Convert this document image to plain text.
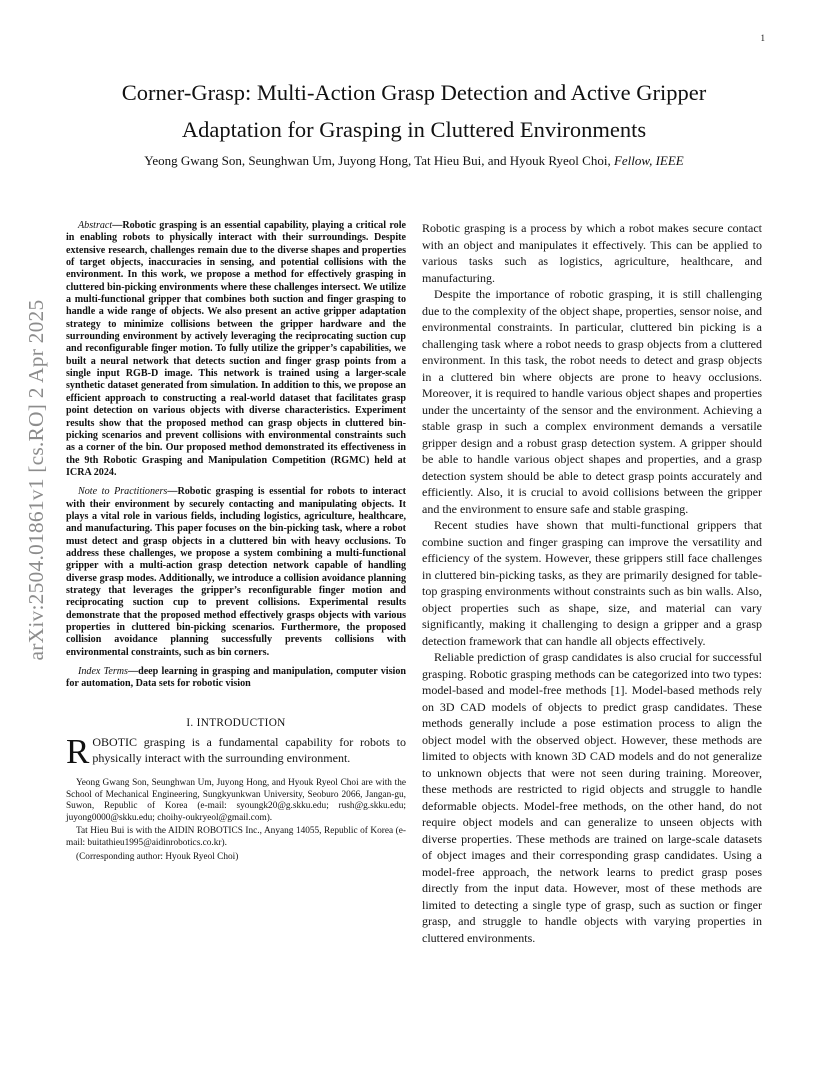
1
arXiv:2504.01861v1 [cs.RO] 2 Apr 2025
Corner-Grasp: Multi-Action Grasp Detection and Active Gripper
Adaptation for Grasping in Cluttered Environments
Yeong Gwang Son, Seunghwan Um, Juyong Hong, Tat Hieu Bui, and Hyouk Ryeol Choi, Fellow, IEEE

Abstract—Robotic grasping is an essential capability, playing a critical role in enabling robots to physically interact with their surroundings. Despite extensive research, challenges remain due to the diverse shapes and properties of target objects, inaccuracies in sensing, and potential collisions with the environment. In this work, we propose a method for effectively grasping in cluttered bin-picking environments where these challenges intersect. We utilize a multi-functional gripper that combines both suction and finger grasping to handle a wide range of objects. We also present an active gripper adaptation strategy to minimize collisions between the gripper hardware and the surrounding environment by actively leveraging the reciprocating suction cup and reconfigurable finger motion. To fully utilize the gripper’s capabilities, we built a neural network that detects suction and finger grasp points from a single input RGB-D image. This network is trained using a larger-scale synthetic dataset generated from simulation. In addition to this, we propose an efficient approach to constructing a real-world dataset that facilitates grasp point detection on various objects with diverse characteristics. Experiment results show that the proposed method can grasp objects in cluttered bin-picking scenarios and prevent collisions with environmental constraints such as a corner of the bin. Our proposed method demonstrated its effectiveness in the 9th Robotic Grasping and Manipulation Competition (RGMC) held at ICRA 2024.

Note to Practitioners—Robotic grasping is essential for robots to interact with their environment by securely contacting and manipulating objects. It plays a vital role in various fields, including logistics, agriculture, healthcare, and manufacturing. This paper focuses on the bin-picking task, where a robot must detect and grasp objects in a cluttered bin with heavy occlusions. To address these challenges, we propose a system combining a multi-functional gripper with a multi-action grasp detection network capable of handling diverse grasp modes. Additionally, we introduce a collision avoidance planning strategy that leverages the gripper’s reconfigurable finger motion and reciprocating suction cup to prevent collisions. Experimental results demonstrate that the proposed method effectively grasps objects with various properties in cluttered bin-picking scenarios. Furthermore, the proposed collision avoidance planning successfully prevents collisions with environmental constraints, such as bin corners.

Index Terms—deep learning in grasping and manipulation, computer vision for automation, Data sets for robotic vision

I. INTRODUCTION

ROBOTIC grasping is a fundamental capability for robots to physically interact with the surrounding environment.

Yeong Gwang Son, Seunghwan Um, Juyong Hong, and Hyouk Ryeol Choi are with the School of Mechanical Engineering, Sungkyunkwan University, Seoburo 2066, Jangan-gu, Suwon, Republic of Korea (e-mail: syoungk20@g.skku.edu; rush@g.skku.edu; juyong0000@skku.edu; choihy-oukryeol@gmail.com).

Tat Hieu Bui is with the AIDIN ROBOTICS Inc., Anyang 14055, Republic of Korea (e-mail: buitathieu1995@aidinrobotics.co.kr).

(Corresponding author: Hyouk Ryeol Choi)

Robotic grasping is a process by which a robot makes secure contact with an object and manipulates it effectively. This can be applied to various tasks such as logistics, agriculture, healthcare, and manufacturing.

Despite the importance of robotic grasping, it is still challenging due to the complexity of the object shape, properties, sensor noise, and environmental constraints. In particular, cluttered bin picking is a challenging task where a robot needs to grasp objects from a cluttered environment. In this task, the robot needs to detect and grasp objects in a cluttered bin where objects are prone to heavy occlusions. Moreover, it is required to handle various object shapes and properties under the uncertainty of the sensor and the environment. Achieving a stable grasp in such a complex environment demands a versatile gripper design and a robust grasp detection system. A gripper should be able to handle various object shapes and properties, and a grasp detection system should be able to detect grasp points accurately and efficiently. Also, it is crucial to avoid collisions between the gripper and the environment to ensure safe and stable grasping.

Recent studies have shown that multi-functional grippers that combine suction and finger grasping can improve the versatility and efficiency of the system. However, these grippers still face challenges in cluttered bin-picking tasks, as they are primarily designed for table-top grasping environments without constraints such as bin walls. Also, object properties such as shape, size, and material can vary significantly, making it challenging to design a gripper and a grasp detection framework that can handle all objects effectively.

Reliable prediction of grasp candidates is also crucial for successful grasping. Robotic grasping methods can be categorized into two types: model-based and model-free methods [1]. Model-based methods rely on 3D CAD models of objects to predict grasp candidates. These methods generally include a pose estimation process to align the object model with the observed object. However, these methods are limited to objects with known 3D CAD models and do not generalize to unknown objects that were not seen during training. Moreover, these methods are restricted to rigid objects and struggle to handle deformable objects. Model-free methods, on the other hand, do not require object models and can generalize to unseen objects with diverse properties. These methods are trained on large-scale datasets of object images and their corresponding grasp candidates. Using a model-free approach, the network learns to predict grasp poses directly from the input data. However, most of these methods are limited to detecting a single type of grasp, such as suction or finger grasp, and struggle to handle objects with varying properties in cluttered environments.
